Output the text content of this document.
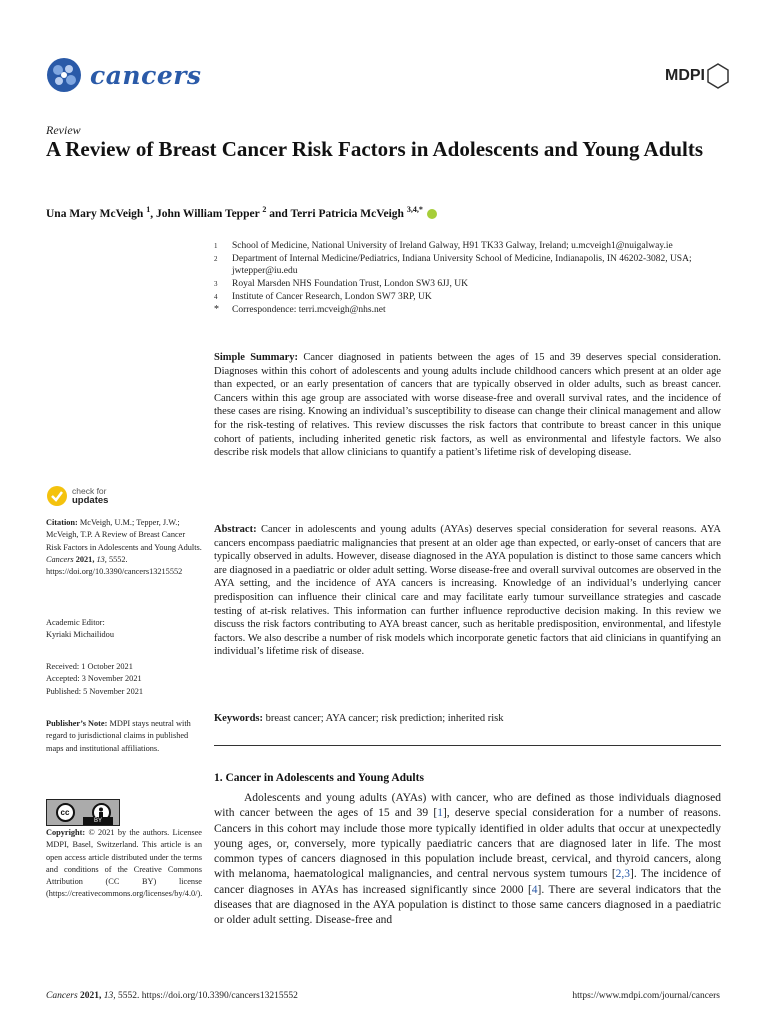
cancers	MDPI
Review
A Review of Breast Cancer Risk Factors in Adolescents and Young Adults
Una Mary McVeigh $^1$, John William Tepper $^2$ and Terri Patricia McVeigh $^{3,4,*}$
1	School of Medicine, National University of Ireland Galway, H91 TK33 Galway, Ireland; u.mcveigh1@nuigalway.ie
2	Department of Internal Medicine/Pediatrics, Indiana University School of Medicine, Indianapolis, IN 46202-3082, USA; jwtepper@iu.edu
3	Royal Marsden NHS Foundation Trust, London SW3 6JJ, UK
4	Institute of Cancer Research, London SW7 3RP, UK
*	Correspondence: terri.mcveigh@nhs.net
Simple Summary: Cancer diagnosed in patients between the ages of 15 and 39 deserves special consideration. Diagnoses within this cohort of adolescents and young adults include childhood cancers which present at an older age than expected, or an early presentation of cancers that are typically observed in older adults, such as breast cancer. Cancers within this age group are associated with worse disease-free and overall survival rates, and the incidence of these cases are rising. Knowing an individual’s susceptibility to disease can change their clinical management and allow for the risk-testing of relatives. This review discusses the risk factors that contribute to breast cancer in this unique cohort of patients, including inherited genetic risk factors, as well as environmental and lifestyle factors. We also describe risk models that allow clinicians to quantify a patient’s lifetime risk of developing disease.
Abstract: Cancer in adolescents and young adults (AYAs) deserves special consideration for several reasons. AYA cancers encompass paediatric malignancies that present at an older age than expected, or early-onset of cancers that are typically observed in adults. However, disease diagnosed in the AYA population is distinct to those same cancers which are diagnosed in a paediatric or older adult setting. Worse disease-free and overall survival outcomes are observed in the AYA setting, and the incidence of AYA cancers is increasing. Knowledge of an individual’s underlying cancer predisposition can influence their clinical care and may facilitate early tumour surveillance strategies and cascade testing of at-risk relatives. This information can further influence reproductive decision making. In this review we discuss the risk factors contributing to AYA breast cancer, such as heritable predisposition, environmental, and lifestyle factors. We also describe a number of risk models which incorporate genetic factors that aid clinicians in quantifying an individual’s lifetime risk of disease.
Keywords: breast cancer; AYA cancer; risk prediction; inherited risk
1. Cancer in Adolescents and Young Adults
Adolescents and young adults (AYAs) with cancer, who are defined as those individuals diagnosed with cancer between the ages of 15 and 39 [1], deserve special consideration for a number of reasons. Cancers in this cohort may include those more typically identified in older adults that occur at unexpectedly young ages, or, conversely, more typically paediatric cancers that are diagnosed later in life. The most common types of cancers diagnosed in this population include breast, cervical, and thyroid cancers, along with melanoma, haematological malignancies, and central nervous system tumours [2,3]. The incidence of cancer diagnoses in AYAs has increased significantly since 2000 [4]. There are several indicators that the diseases that are diagnosed in the AYA population is distinct to those same cancers diagnosed in a paediatric or older adult setting. Disease-free and
check for
updates
Citation: McVeigh, U.M.; Tepper, J.W.; McVeigh, T.P. A Review of Breast Cancer Risk Factors in Adolescents and Young Adults. Cancers 2021, 13, 5552. https://doi.org/10.3390/cancers13215552
Academic Editor:
Kyriaki Michailidou
Received: 1 October 2021
Accepted: 3 November 2021
Published: 5 November 2021
Publisher’s Note: MDPI stays neutral with regard to jurisdictional claims in published maps and institutional affiliations.
cc
BY
Copyright: © 2021 by the authors. Licensee MDPI, Basel, Switzerland. This article is an open access article distributed under the terms and conditions of the Creative Commons Attribution (CC BY) license (https://creativecommons.org/licenses/by/4.0/).
Cancers 2021, 13, 5552. https://doi.org/10.3390/cancers13215552	https://www.mdpi.com/journal/cancers
